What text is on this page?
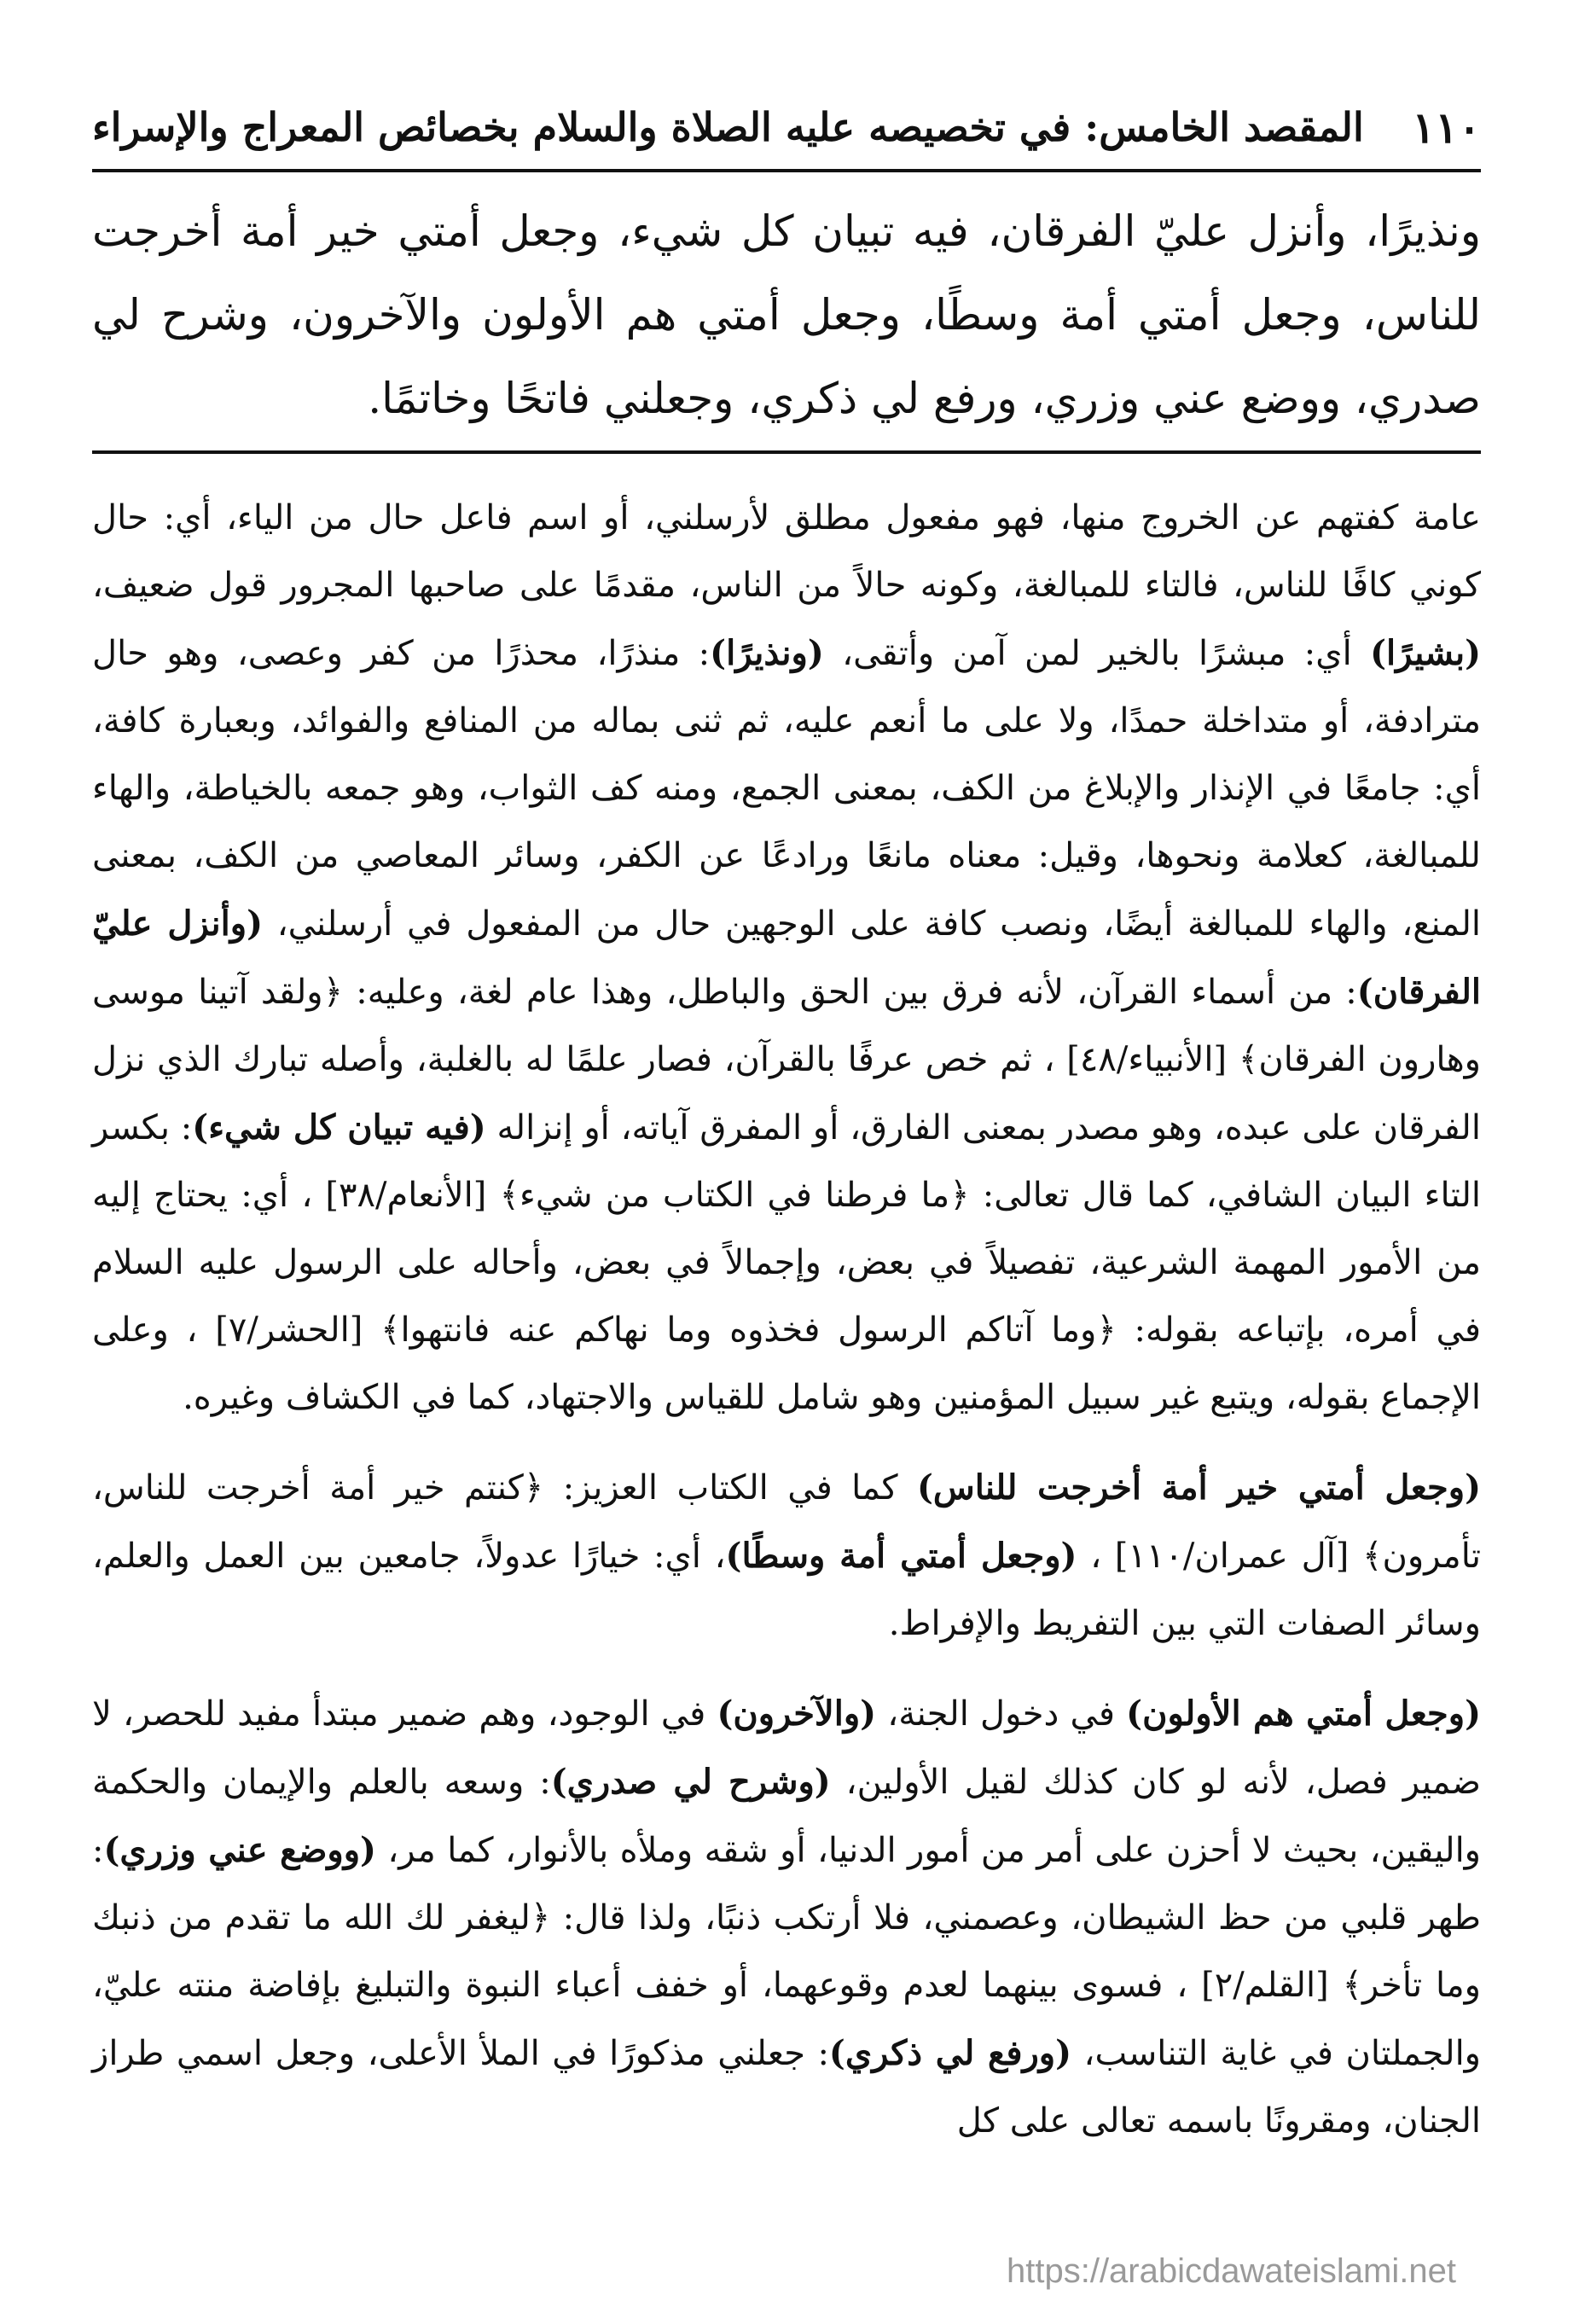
١١٠
المقصد الخامس: في تخصيصه عليه الصلاة والسلام بخصائص المعراج والإسراء

ونذيرًا، وأنزل عليّ الفرقان، فيه تبيان كل شيء، وجعل أمتي خير أمة أخرجت للناس، وجعل أمتي أمة وسطًا، وجعل أمتي هم الأولون والآخرون، وشرح لي صدري، ووضع عني وزري، ورفع لي ذكري، وجعلني فاتحًا وخاتمًا.

عامة كفتهم عن الخروج منها، فهو مفعول مطلق لأرسلني، أو اسم فاعل حال من الياء، أي: حال كوني كافًا للناس، فالتاء للمبالغة، وكونه حالاً من الناس، مقدمًا على صاحبها المجرور قول ضعيف، (بشيرًا) أي: مبشرًا بالخير لمن آمن وأتقى، (ونذيرًا): منذرًا، محذرًا من كفر وعصى، وهو حال مترادفة، أو متداخلة حمدًا، ولا على ما أنعم عليه، ثم ثنى بماله من المنافع والفوائد، وبعبارة كافة، أي: جامعًا في الإنذار والإبلاغ من الكف، بمعنى الجمع، ومنه كف الثواب، وهو جمعه بالخياطة، والهاء للمبالغة، كعلامة ونحوها، وقيل: معناه مانعًا ورادعًا عن الكفر، وسائر المعاصي من الكف، بمعنى المنع، والهاء للمبالغة أيضًا، ونصب كافة على الوجهين حال من المفعول في أرسلني، (وأنزل عليّ الفرقان): من أسماء القرآن، لأنه فرق بين الحق والباطل، وهذا عام لغة، وعليه: ﴿ولقد آتينا موسى وهارون الفرقان﴾ [الأنبياء/٤٨] ، ثم خص عرفًا بالقرآن، فصار علمًا له بالغلبة، وأصله تبارك الذي نزل الفرقان على عبده، وهو مصدر بمعنى الفارق، أو المفرق آياته، أو إنزاله (فيه تبيان كل شيء): بكسر التاء البيان الشافي، كما قال تعالى: ﴿ما فرطنا في الكتاب من شيء﴾ [الأنعام/٣٨] ، أي: يحتاج إليه من الأمور المهمة الشرعية، تفصيلاً في بعض، وإجمالاً في بعض، وأحاله على الرسول عليه السلام في أمره، بإتباعه بقوله: ﴿وما آتاكم الرسول فخذوه وما نهاكم عنه فانتهوا﴾ [الحشر/٧] ، وعلى الإجماع بقوله، ويتبع غير سبيل المؤمنين وهو شامل للقياس والاجتهاد، كما في الكشاف وغيره.

(وجعل أمتي خير أمة أخرجت للناس) كما في الكتاب العزيز: ﴿كنتم خير أمة أخرجت للناس، تأمرون﴾ [آل عمران/١١٠] ، (وجعل أمتي أمة وسطًا)، أي: خيارًا عدولاً، جامعين بين العمل والعلم، وسائر الصفات التي بين التفريط والإفراط.

(وجعل أمتي هم الأولون) في دخول الجنة، (والآخرون) في الوجود، وهم ضمير مبتدأ مفيد للحصر، لا ضمير فصل، لأنه لو كان كذلك لقيل الأولين، (وشرح لي صدري): وسعه بالعلم والإيمان والحكمة واليقين، بحيث لا أحزن على أمر من أمور الدنيا، أو شقه وملأه بالأنوار، كما مر، (ووضع عني وزري): طهر قلبي من حظ الشيطان، وعصمني، فلا أرتكب ذنبًا، ولذا قال: ﴿ليغفر لك الله ما تقدم من ذنبك وما تأخر﴾ [القلم/٢] ، فسوى بينهما لعدم وقوعهما، أو خفف أعباء النبوة والتبليغ بإفاضة منته عليّ، والجملتان في غاية التناسب، (ورفع لي ذكري): جعلني مذكورًا في الملأ الأعلى، وجعل اسمي طراز الجنان، ومقرونًا باسمه تعالى على كل

https://arabicdawateislami.net
